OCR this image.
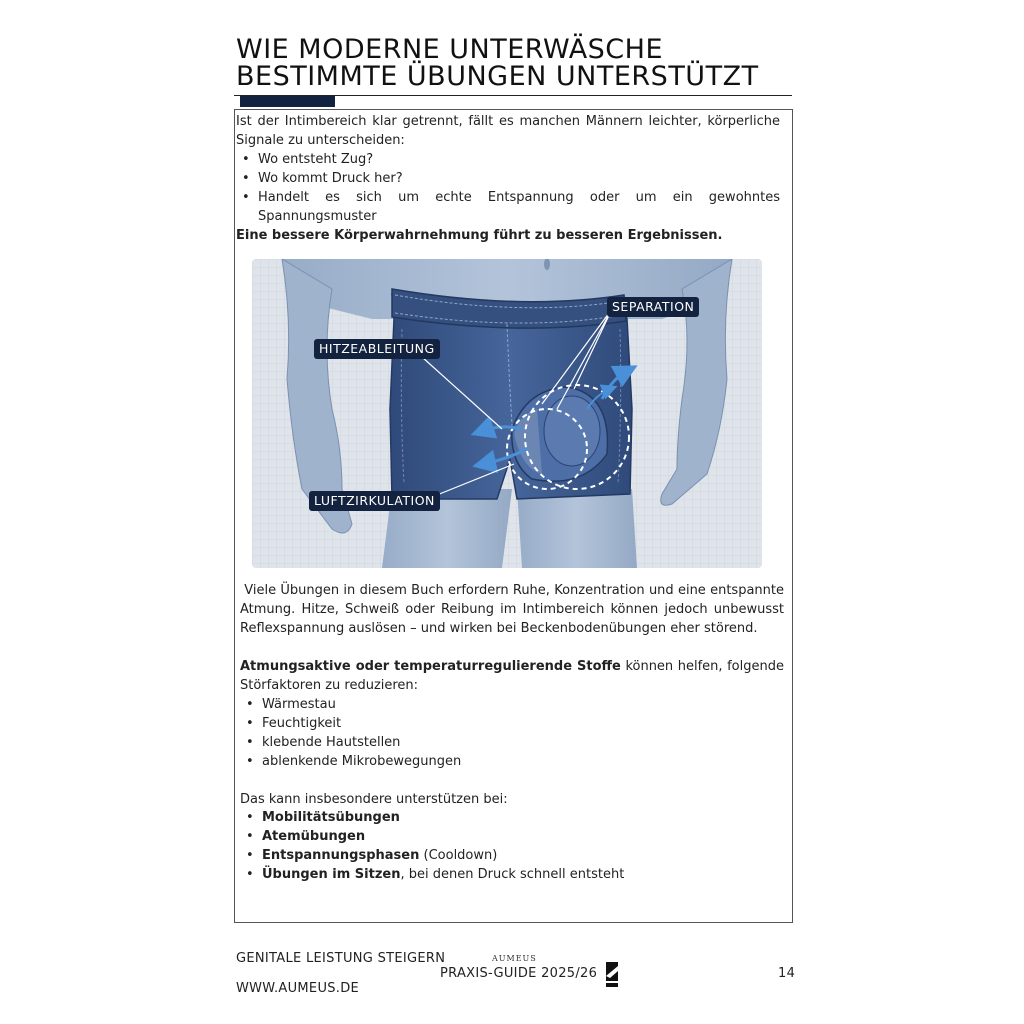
WIE MODERNE UNTERWÄSCHE
BESTIMMTE ÜBUNGEN UNTERSTÜTZT

Ist der Intimbereich klar getrennt, fällt es manchen Männern leichter, körperliche

Signale zu unterscheiden:

• Wo entsteht Zug?
• Wo kommt Druck her?
• Handelt es sich um echte Entspannung oder um ein gewohntes
Spannungsmuster

Eine bessere Körperwahrnehmung führt zu besseren Ergebnissen.

SEPARATION
HITZEABLEITUNG
LUFTZIRKULATION

Viele Übungen in diesem Buch erfordern Ruhe, Konzentration und eine entspannte

Atmung. Hitze, Schweiß oder Reibung im Intimbereich können jedoch unbewusst

Reflexspannung auslösen – und wirken bei Beckenbodenübungen eher störend.

Atmungsaktive oder temperaturregulierende Stoffe können helfen, folgende

Störfaktoren zu reduzieren:

• Wärmestau
• Feuchtigkeit
• klebende Hautstellen
• ablenkende Mikrobewegungen

Das kann insbesondere unterstützen bei:

• Mobilitätsübungen
• Atemübungen
• Entspannungsphasen (Cooldown)
• Übungen im Sitzen, bei denen Druck schnell entsteht
GENITALE LEISTUNG STEIGERN
WWW.AUMEUS.DE
AUMEUS
PRAXIS-GUIDE 2025/26	14
